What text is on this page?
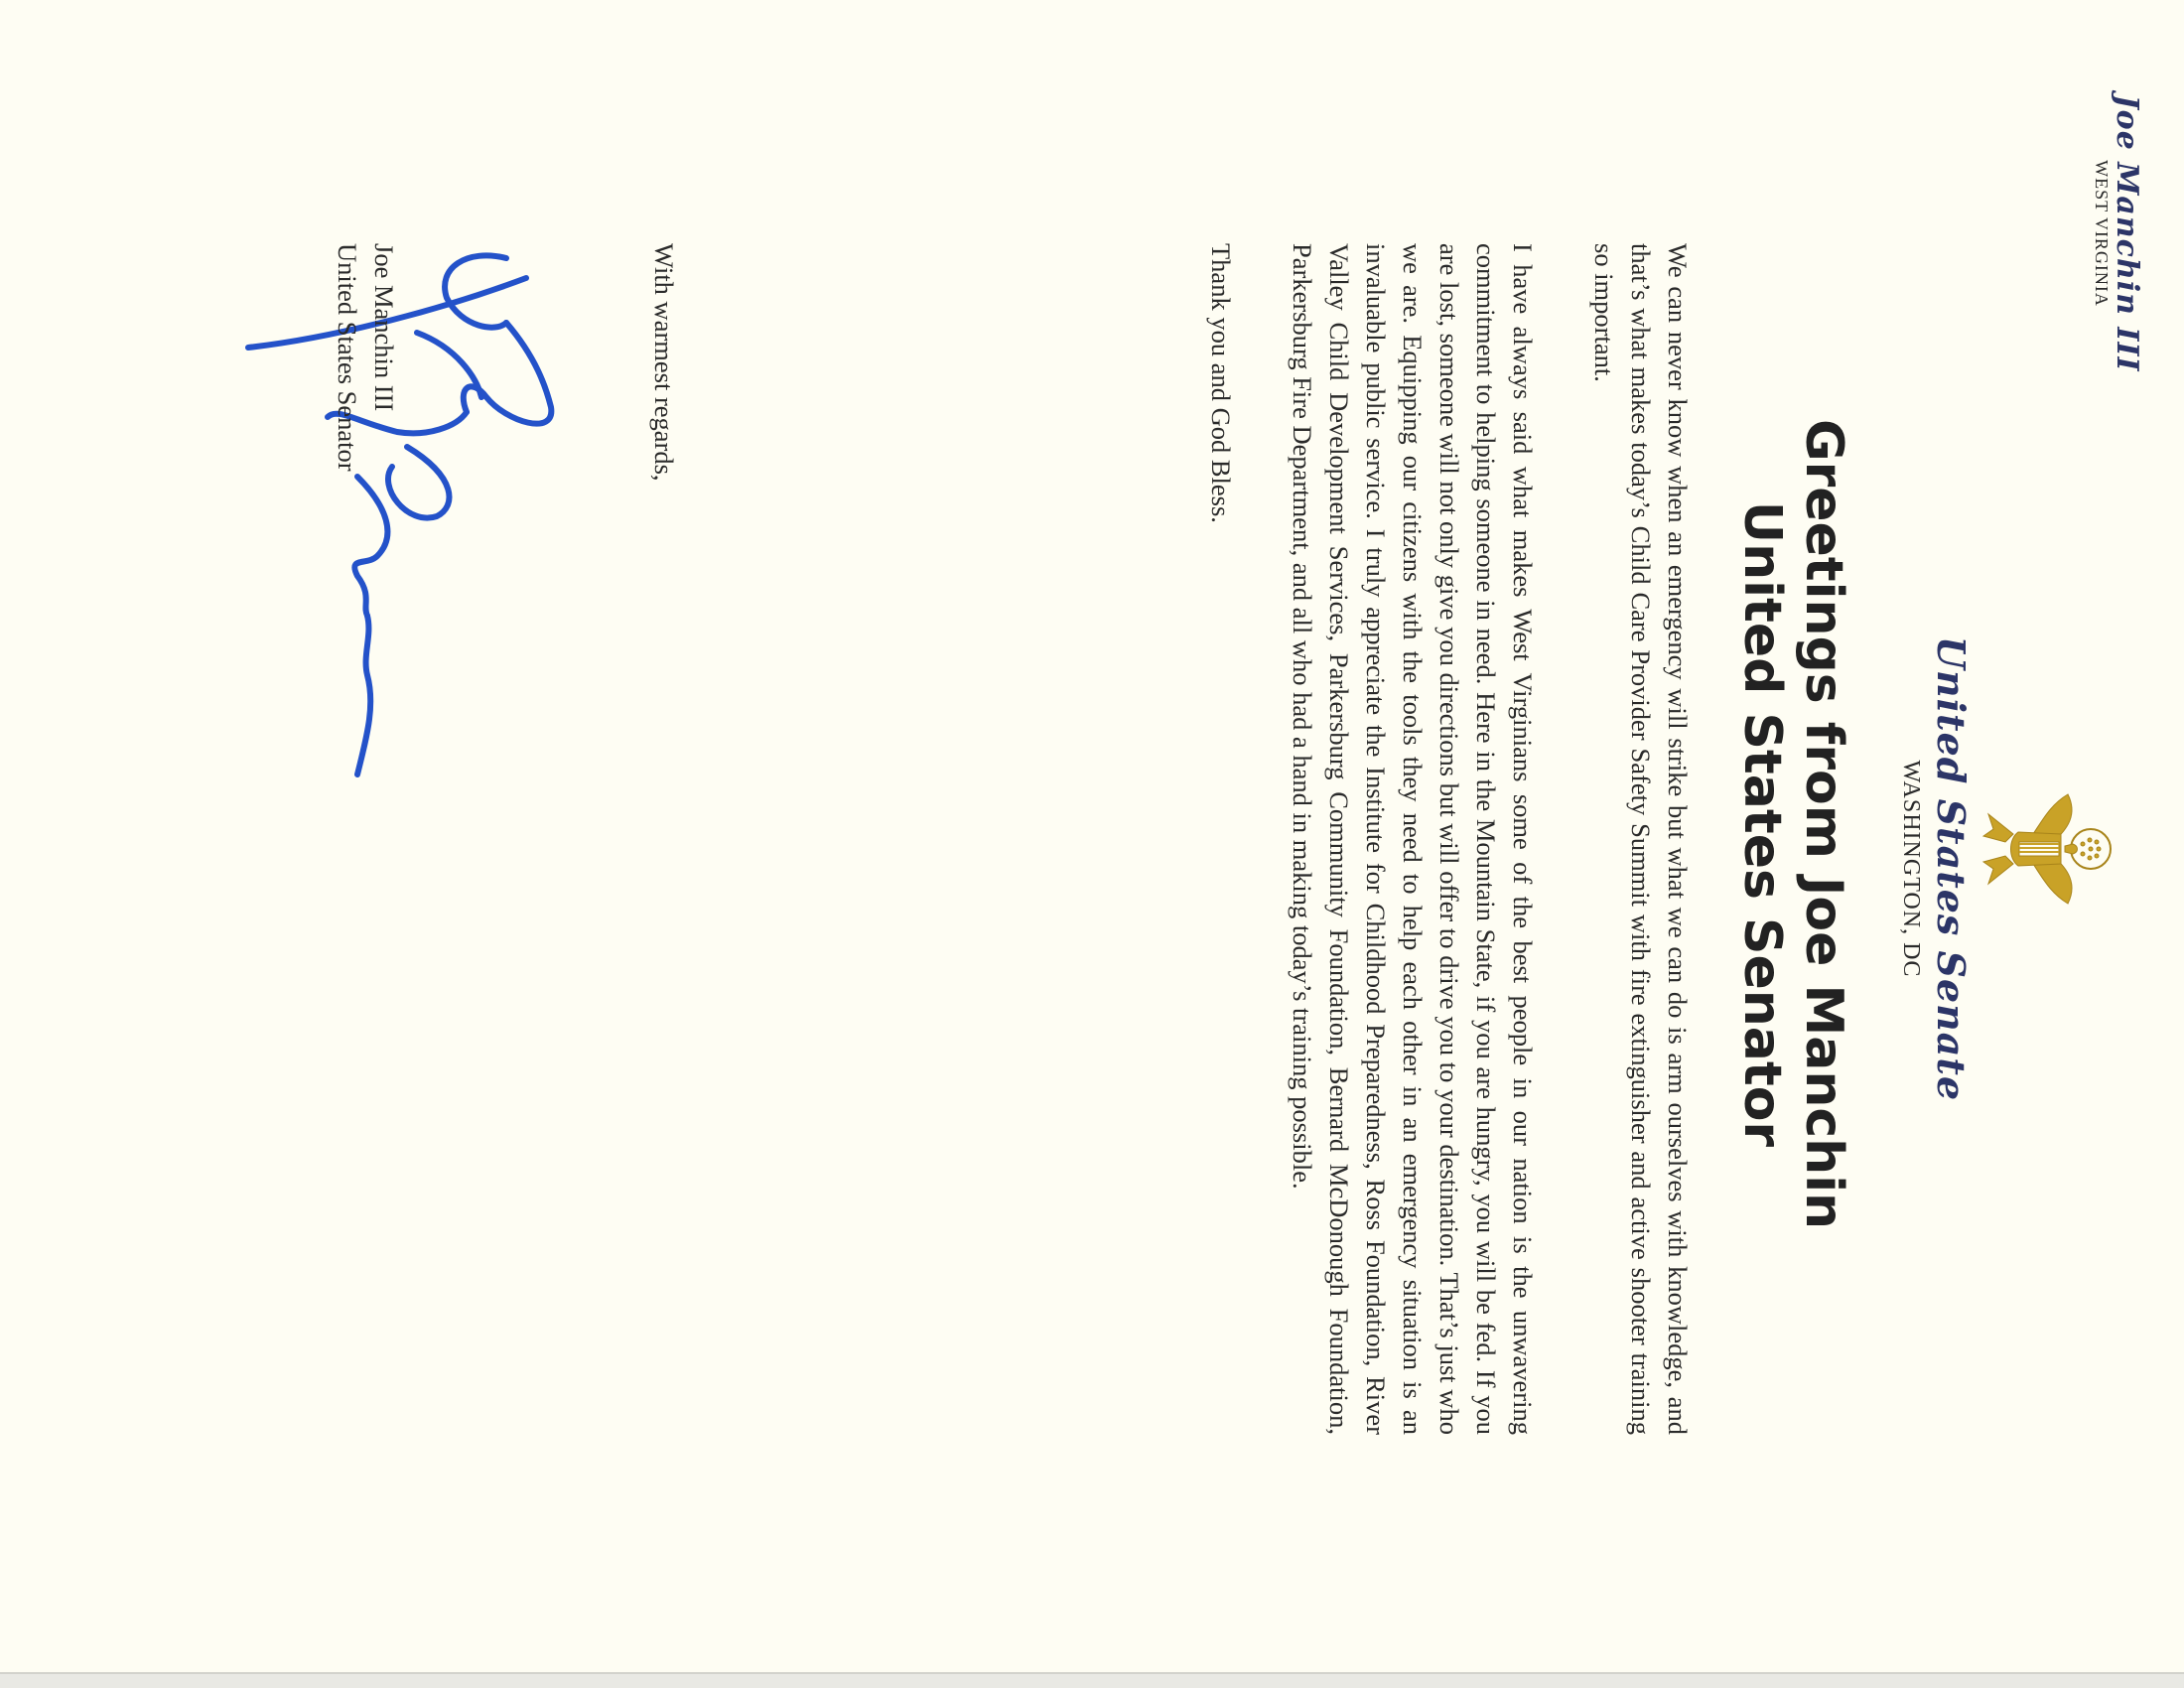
Joe Manchin III
WEST VIRGINIA
United States Senate
WASHINGTON, DC
Greetings from Joe Manchin
United States Senator

We can never know when an emergency will strike but what we can do is arm ourselves with knowledge, and that’s what makes today’s Child Care Provider Safety Summit with fire extinguisher and active shooter training so important.

I have always said what makes West Virginians some of the best people in our nation is the unwavering commitment to helping someone in need. Here in the Mountain State, if you are hungry, you will be fed. If you are lost, someone will not only give you directions but will offer to drive you to your destination. That’s just who we are. Equipping our citizens with the tools they need to help each other in an emergency situation is an invaluable public service. I truly appreciate the Institute for Childhood Preparedness, Ross Foundation, River Valley Child Development Services, Parkersburg Community Foundation, Bernard McDonough Foundation, Parkersburg Fire Department, and all who had a hand in making today’s training possible.

Thank you and God Bless.

With warmest regards,
Joe Manchin III
United States Senator
